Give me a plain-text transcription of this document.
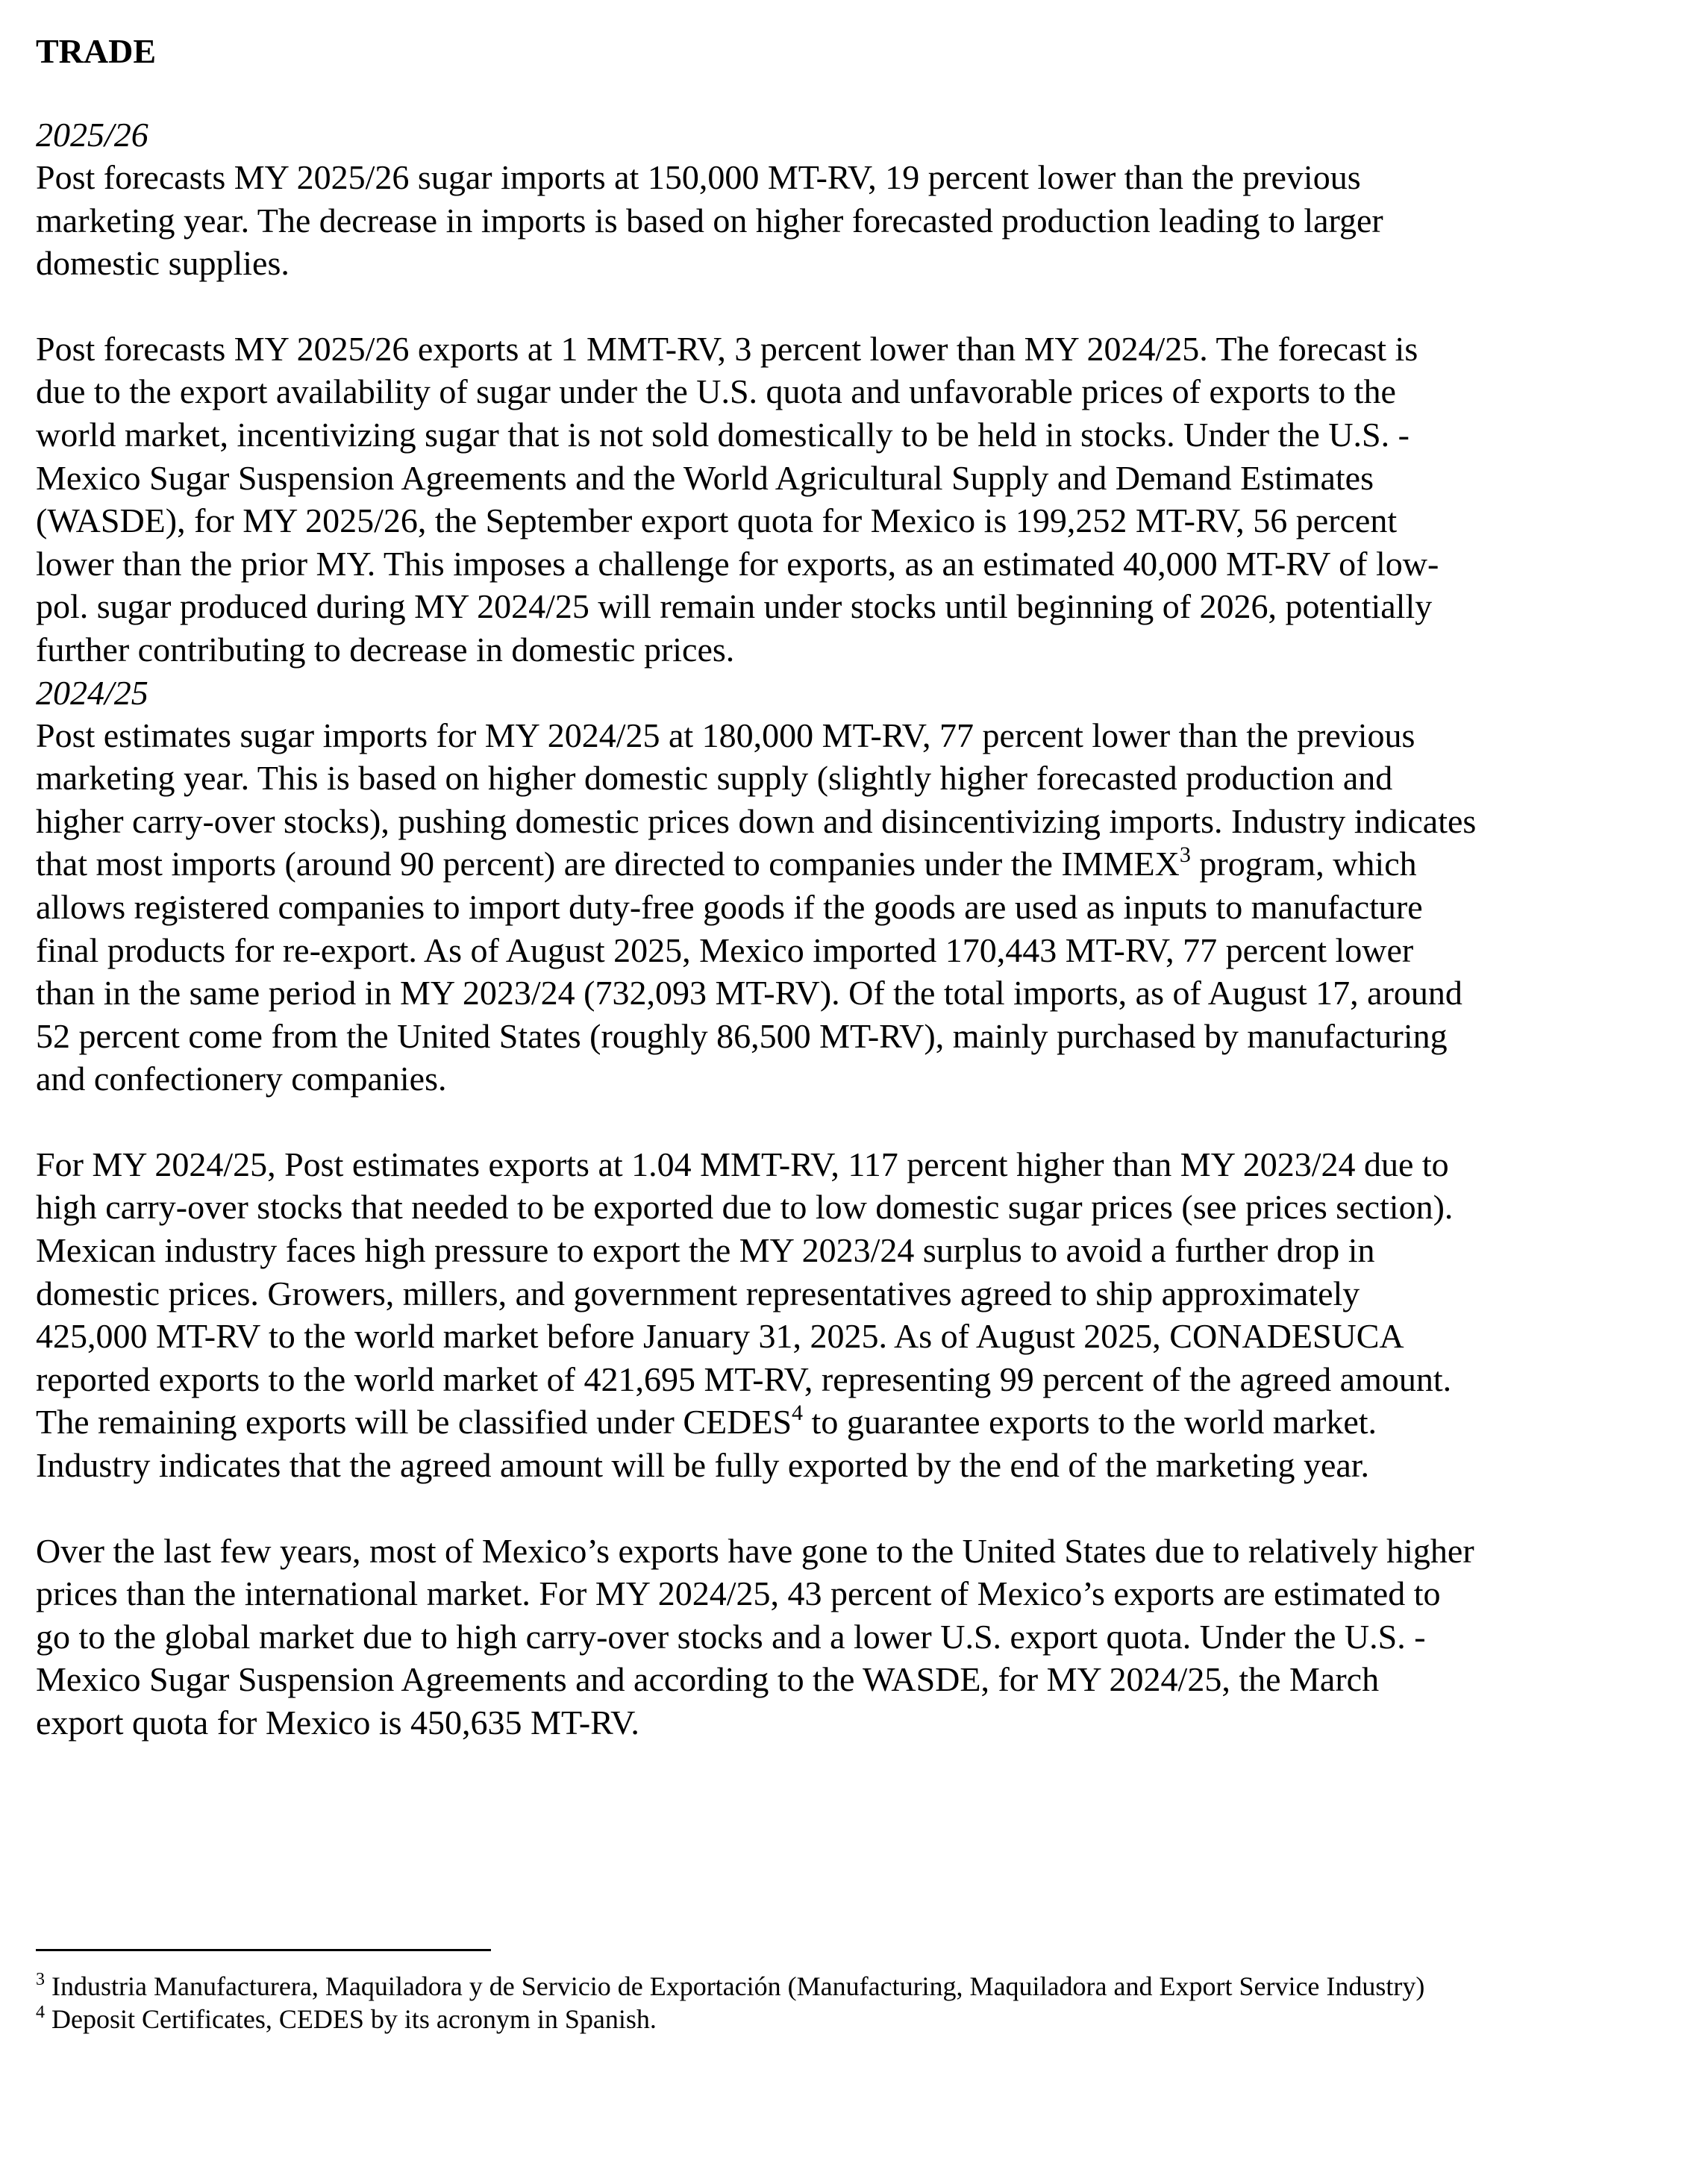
TRADE
2025/26

Post forecasts MY 2025/26 sugar imports at 150,000 MT-RV, 19 percent lower than the previous
marketing year. The decrease in imports is based on higher forecasted production leading to larger
domestic supplies.

Post forecasts MY 2025/26 exports at 1 MMT-RV, 3 percent lower than MY 2024/25. The forecast is
due to the export availability of sugar under the U.S. quota and unfavorable prices of exports to the
world market, incentivizing sugar that is not sold domestically to be held in stocks. Under the U.S. -
Mexico Sugar Suspension Agreements and the World Agricultural Supply and Demand Estimates
(WASDE), for MY 2025/26, the September export quota for Mexico is 199,252 MT-RV, 56 percent
lower than the prior MY. This imposes a challenge for exports, as an estimated 40,000 MT-RV of low-
pol. sugar produced during MY 2024/25 will remain under stocks until beginning of 2026, potentially
further contributing to decrease in domestic prices.

2024/25

Post estimates sugar imports for MY 2024/25 at 180,000 MT-RV, 77 percent lower than the previous
marketing year. This is based on higher domestic supply (slightly higher forecasted production and
higher carry-over stocks), pushing domestic prices down and disincentivizing imports. Industry indicates
that most imports (around 90 percent) are directed to companies under the IMMEX$^3$ program, which
allows registered companies to import duty-free goods if the goods are used as inputs to manufacture
final products for re-export. As of August 2025, Mexico imported 170,443 MT-RV, 77 percent lower
than in the same period in MY 2023/24 (732,093 MT-RV). Of the total imports, as of August 17, around
52 percent come from the United States (roughly 86,500 MT-RV), mainly purchased by manufacturing
and confectionery companies.

For MY 2024/25, Post estimates exports at 1.04 MMT-RV, 117 percent higher than MY 2023/24 due to
high carry-over stocks that needed to be exported due to low domestic sugar prices (see prices section).
Mexican industry faces high pressure to export the MY 2023/24 surplus to avoid a further drop in
domestic prices. Growers, millers, and government representatives agreed to ship approximately
425,000 MT-RV to the world market before January 31, 2025. As of August 2025, CONADESUCA
reported exports to the world market of 421,695 MT-RV, representing 99 percent of the agreed amount.
The remaining exports will be classified under CEDES$^4$ to guarantee exports to the world market.
Industry indicates that the agreed amount will be fully exported by the end of the marketing year.

Over the last few years, most of Mexico’s exports have gone to the United States due to relatively higher
prices than the international market. For MY 2024/25, 43 percent of Mexico’s exports are estimated to
go to the global market due to high carry-over stocks and a lower U.S. export quota. Under the U.S. -
Mexico Sugar Suspension Agreements and according to the WASDE, for MY 2024/25, the March
export quota for Mexico is 450,635 MT-RV.

$^3$ Industria Manufacturera, Maquiladora y de Servicio de Exportación (Manufacturing, Maquiladora and Export Service Industry)

$^4$ Deposit Certificates, CEDES by its acronym in Spanish.
